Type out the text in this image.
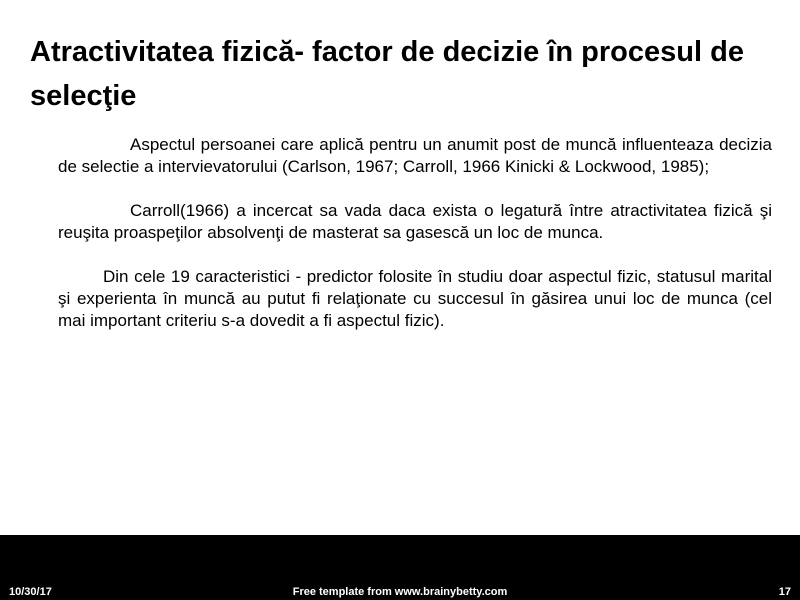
Atractivitatea fizică- factor de decizie în procesul de selecţie

Aspectul persoanei care aplică pentru un anumit post de muncă influenteaza decizia de selectie a intervievatorului (Carlson, 1967; Carroll, 1966 Kinicki & Lockwood, 1985);

Carroll(1966) a incercat sa vada daca exista o legatură între atractivitatea fizică şi reuşita proaspeţilor absolvenţi de masterat sa gasescă un loc de munca.

Din cele 19 caracteristici - predictor folosite în studiu doar aspectul fizic, statusul marital şi experienta în muncă au putut fi relaţionate cu succesul în găsirea unui loc de munca (cel mai important criteriu s-a dovedit a fi aspectul fizic).

10/30/17	Free template from www.brainybetty.com	17
